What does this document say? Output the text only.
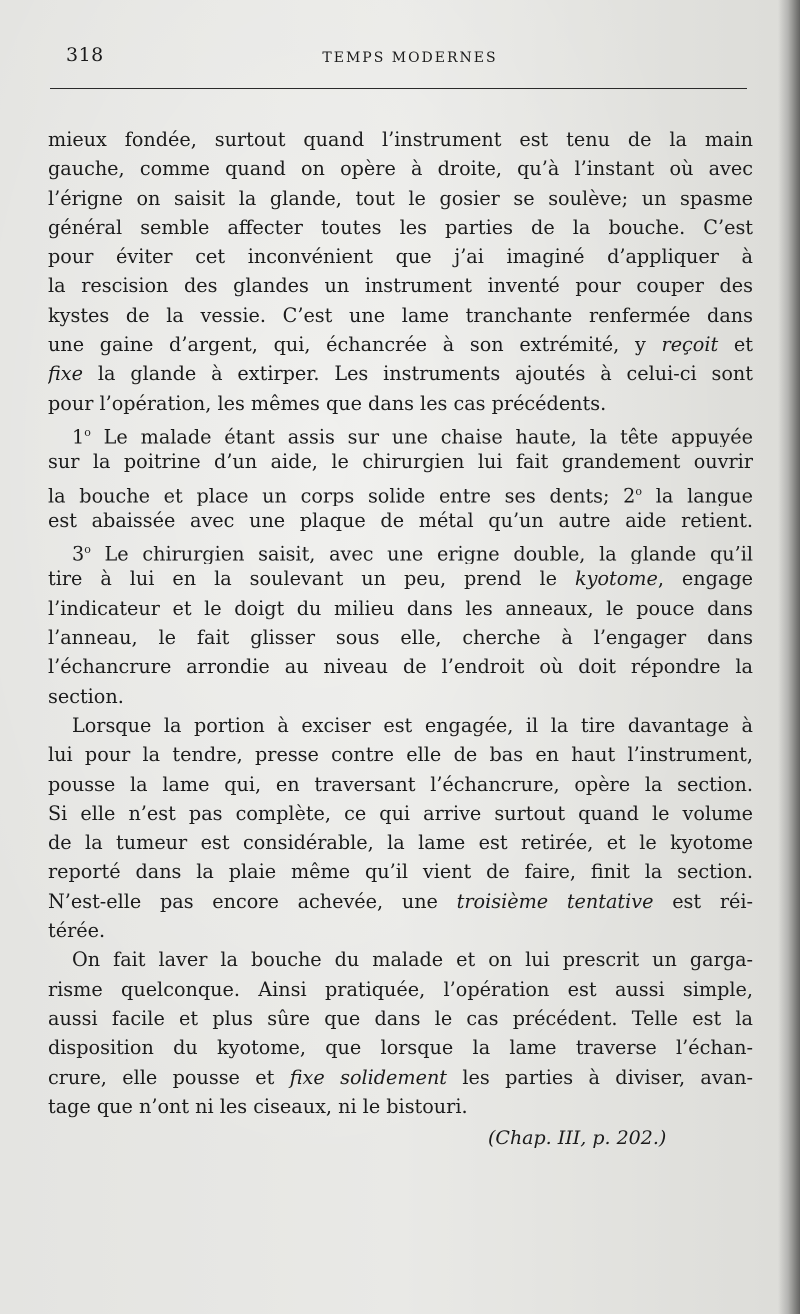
318	TEMPS MODERNES
mieux fondée, surtout quand l’instrument est tenu de la main
gauche, comme quand on opère à droite, qu’à l’instant où avec
l’érigne on saisit la glande, tout le gosier se soulève; un spasme
général semble affecter toutes les parties de la bouche. C’est
pour éviter cet inconvénient que j’ai imaginé d’appliquer à
la rescision des glandes un instrument inventé pour couper des
kystes de la vessie. C’est une lame tranchante renfermée dans
une gaine d’argent, qui, échancrée à son extrémité, y reçoit et
fixe la glande à extirper. Les instruments ajoutés à celui-ci sont
pour l’opération, les mêmes que dans les cas précédents.
1$^o$ Le malade étant assis sur une chaise haute, la tête appuyée
sur la poitrine d’un aide, le chirurgien lui fait grandement ouvrir
la bouche et place un corps solide entre ses dents; 2$^o$ la langue
est abaissée avec une plaque de métal qu’un autre aide retient.
3$^o$ Le chirurgien saisit, avec une erigne double, la glande qu’il
tire à lui en la soulevant un peu, prend le kyotome, engage
l’indicateur et le doigt du milieu dans les anneaux, le pouce dans
l’anneau, le fait glisser sous elle, cherche à l’engager dans
l’échancrure arrondie au niveau de l’endroit où doit répondre la
section.
Lorsque la portion à exciser est engagée, il la tire davantage à
lui pour la tendre, presse contre elle de bas en haut l’instrument,
pousse la lame qui, en traversant l’échancrure, opère la section.
Si elle n’est pas complète, ce qui arrive surtout quand le volume
de la tumeur est considérable, la lame est retirée, et le kyotome
reporté dans la plaie même qu’il vient de faire, finit la section.
N’est-elle pas encore achevée, une troisième tentative est réi-
térée.
On fait laver la bouche du malade et on lui prescrit un garga-
risme quelconque. Ainsi pratiquée, l’opération est aussi simple,
aussi facile et plus sûre que dans le cas précédent. Telle est la
disposition du kyotome, que lorsque la lame traverse l’échan-
crure, elle pousse et fixe solidement les parties à diviser, avan-
tage que n’ont ni les ciseaux, ni le bistouri.
(Chap. III, p. 202.)
